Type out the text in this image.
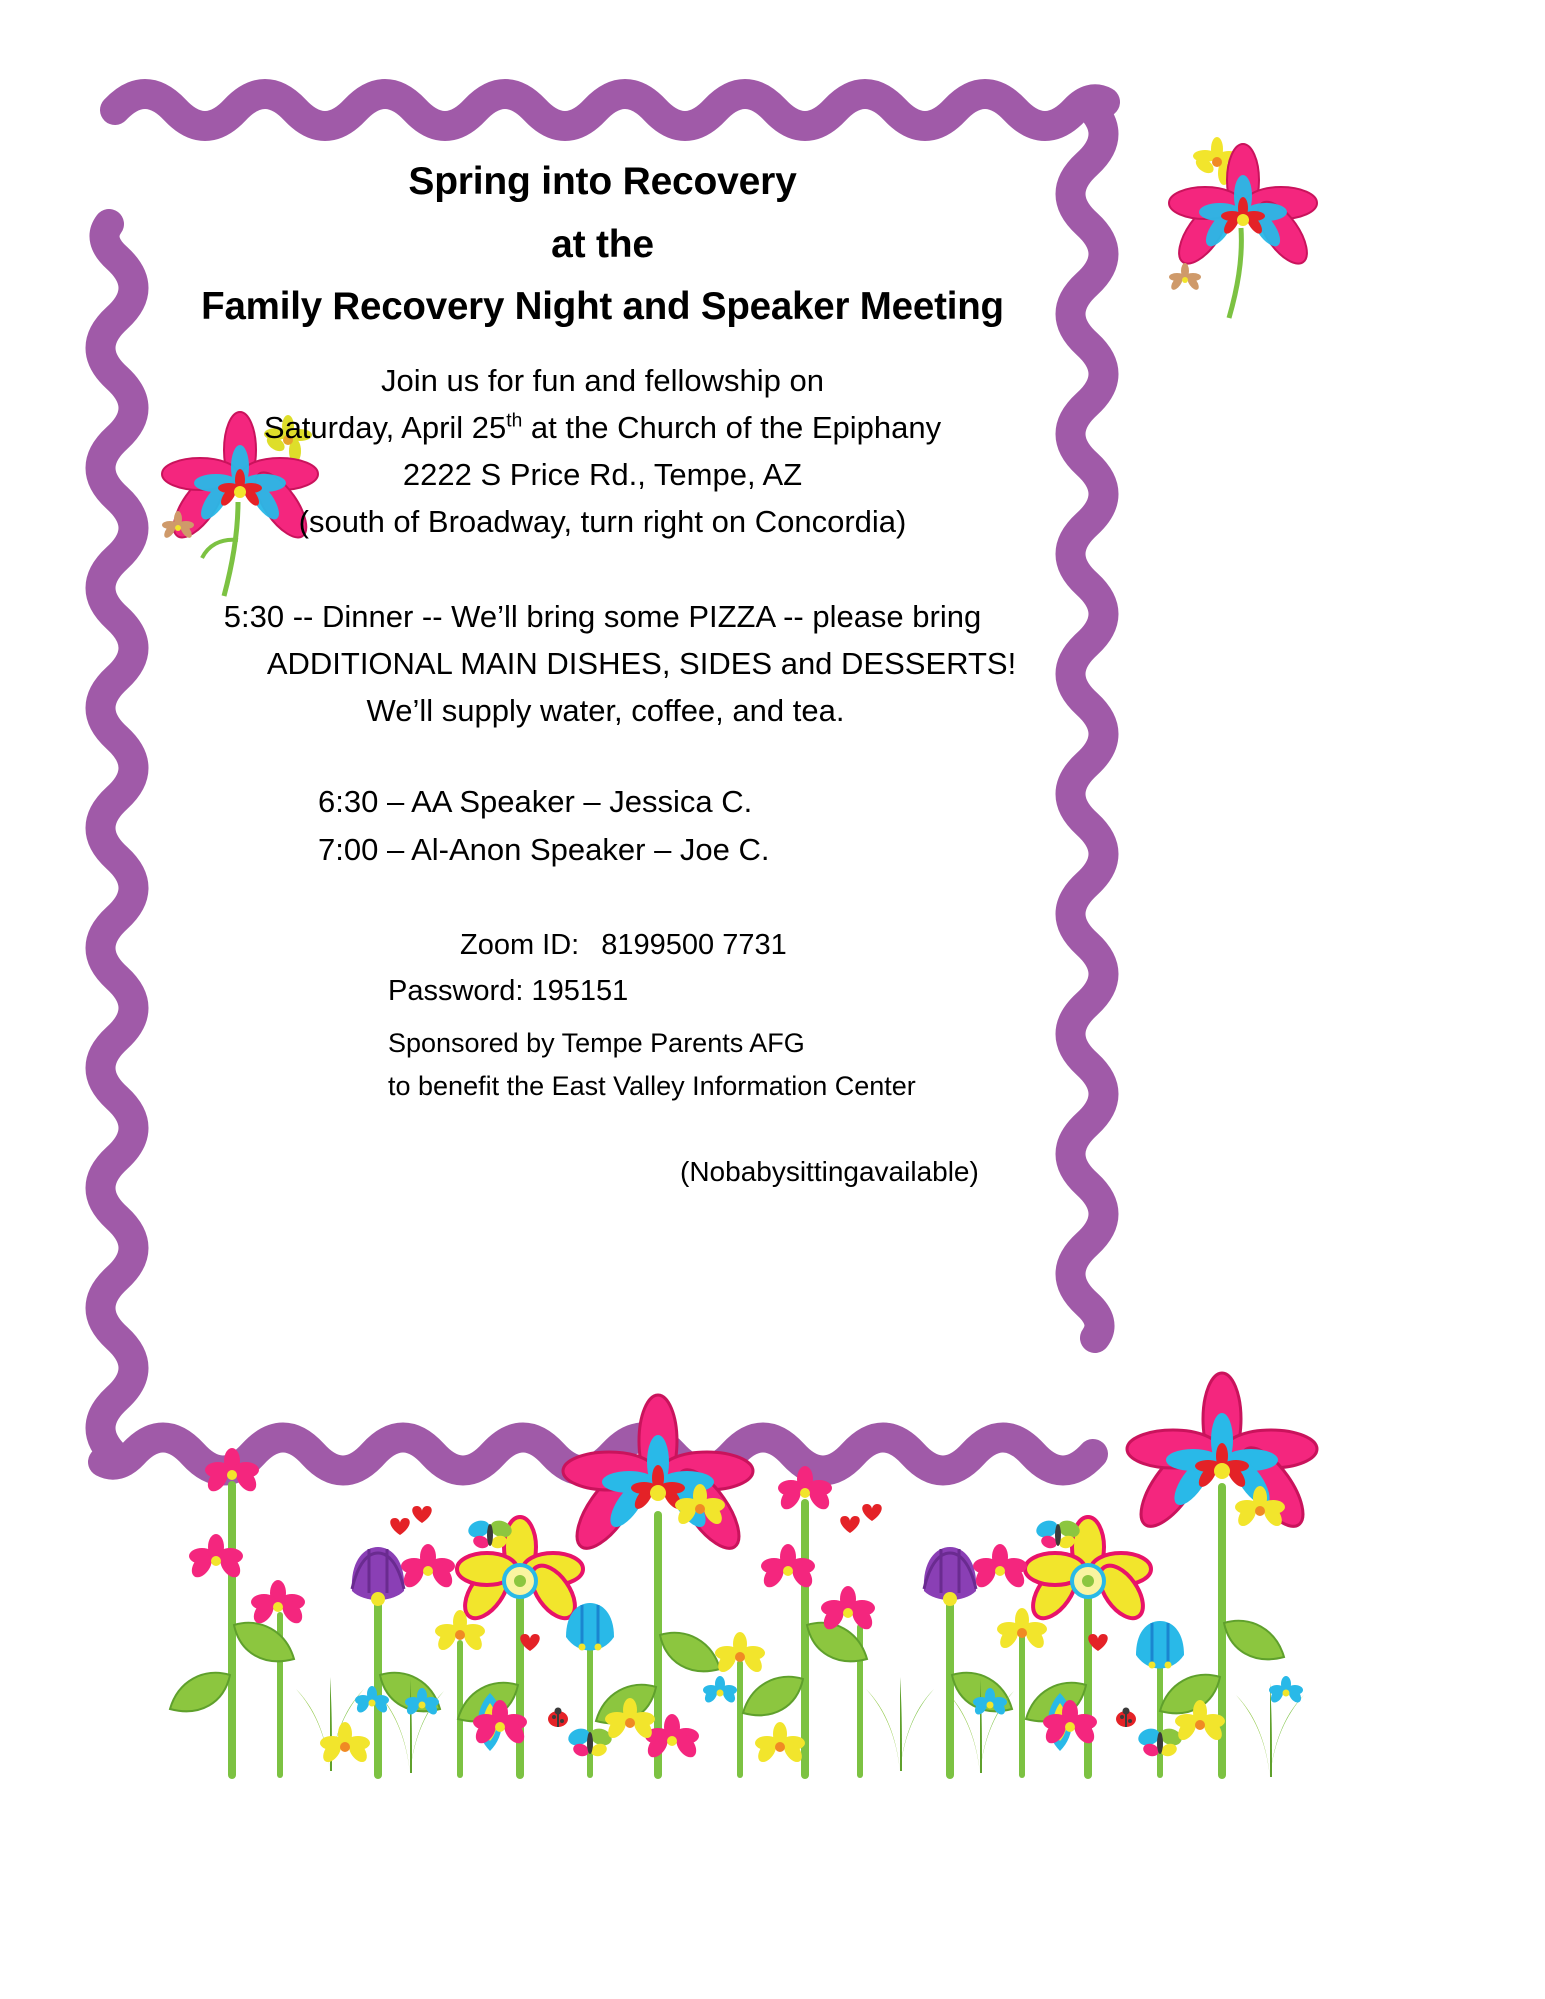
Spring into Recovery
at the
Family Recovery Night and Speaker Meeting
Join us for fun and fellowship on
Saturday, April 25th at the Church of the Epiphany
2222 S Price Rd., Tempe, AZ
(south of Broadway, turn right on Concordia)
5:30 -- Dinner -- We’ll bring some PIZZA -- please bring
ADDITIONAL MAIN DISHES, SIDES and DESSERTS!
We’ll supply water, coffee, and tea.
6:30 – AA Speaker – Jessica C.
7:00 – Al-Anon Speaker – Joe C.
Zoom ID: 8199500 7731
Password: 195151
Sponsored by Tempe Parents AFG
to benefit the East Valley Information Center
(Nobabysittingavailable)
